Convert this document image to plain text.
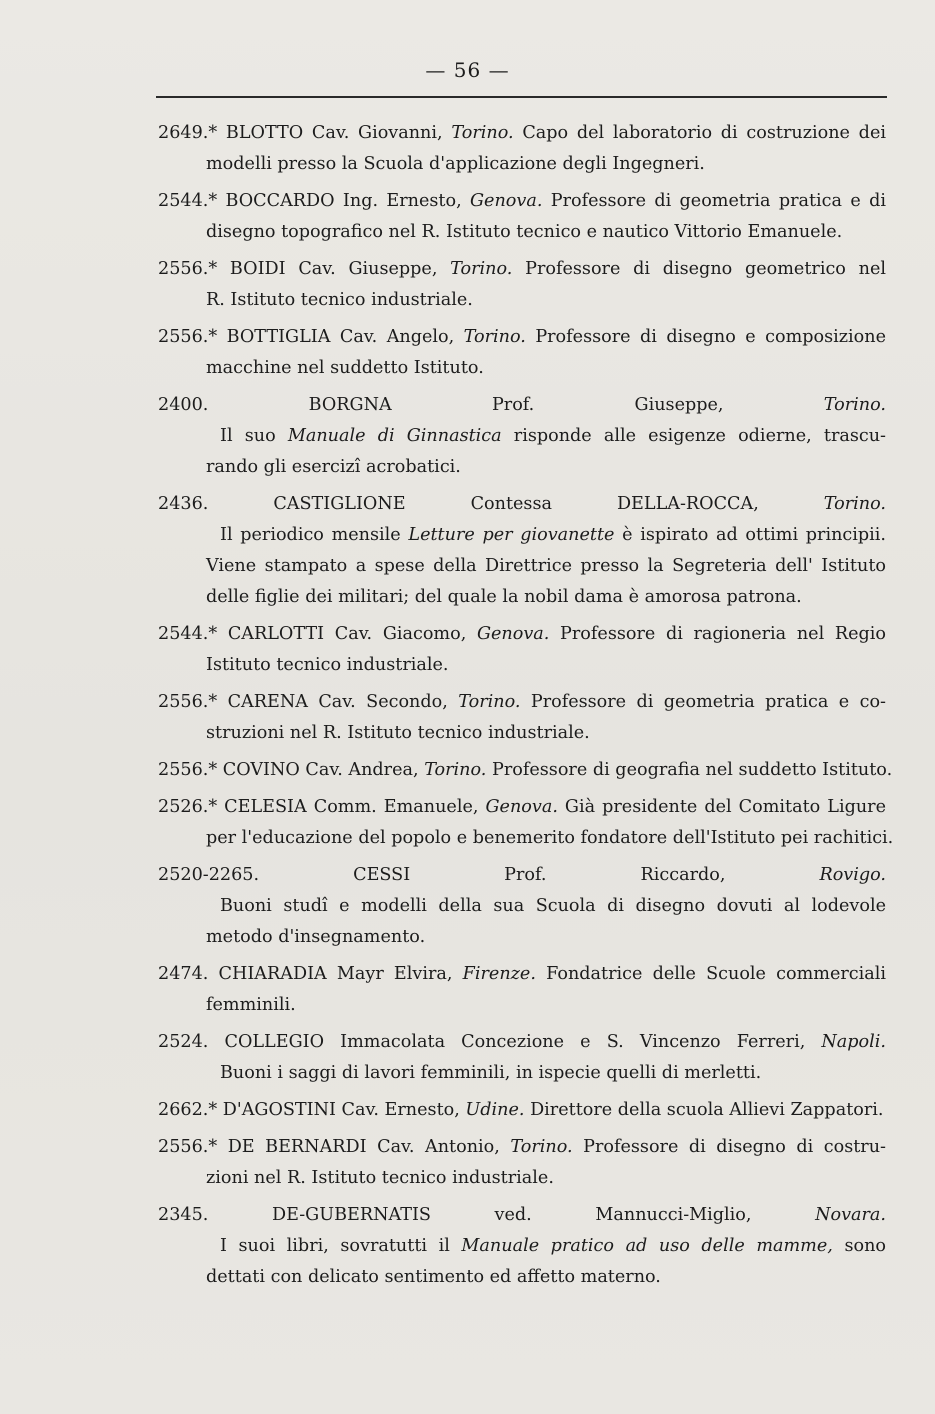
— 56 —
2649.* BLOTTO Cav. Giovanni, Torino. Capo del laboratorio di costruzione dei
modelli presso la Scuola d'applicazione degli Ingegneri.
2544.* BOCCARDO Ing. Ernesto, Genova. Professore di geometria pratica e di
disegno topografico nel R. Istituto tecnico e nautico Vittorio Emanuele.
2556.* BOIDI Cav. Giuseppe, Torino. Professore di disegno geometrico nel
R. Istituto tecnico industriale.
2556.* BOTTIGLIA Cav. Angelo, Torino. Professore di disegno e composizione
macchine nel suddetto Istituto.
2400. BORGNA Prof. Giuseppe, Torino.
Il suo Manuale di Ginnastica risponde alle esigenze odierne, trascu-
rando gli esercizî acrobatici.
2436. CASTIGLIONE Contessa DELLA-ROCCA, Torino.
Il periodico mensile Letture per giovanette è ispirato ad ottimi principii.
Viene stampato a spese della Direttrice presso la Segreteria dell' Istituto
delle figlie dei militari; del quale la nobil dama è amorosa patrona.
2544.* CARLOTTI Cav. Giacomo, Genova. Professore di ragioneria nel Regio
Istituto tecnico industriale.
2556.* CARENA Cav. Secondo, Torino. Professore di geometria pratica e co-
struzioni nel R. Istituto tecnico industriale.
2556.* COVINO Cav. Andrea, Torino. Professore di geografia nel suddetto Istituto.
2526.* CELESIA Comm. Emanuele, Genova. Già presidente del Comitato Ligure
per l'educazione del popolo e benemerito fondatore dell'Istituto pei rachitici.
2520-2265. CESSI Prof. Riccardo, Rovigo.
Buoni studî e modelli della sua Scuola di disegno dovuti al lodevole
metodo d'insegnamento.
2474. CHIARADIA Mayr Elvira, Firenze. Fondatrice delle Scuole commerciali
femminili.
2524. COLLEGIO Immacolata Concezione e S. Vincenzo Ferreri, Napoli.
Buoni i saggi di lavori femminili, in ispecie quelli di merletti.
2662.* D'AGOSTINI Cav. Ernesto, Udine. Direttore della scuola Allievi Zappatori.
2556.* DE BERNARDI Cav. Antonio, Torino. Professore di disegno di costru-
zioni nel R. Istituto tecnico industriale.
2345. DE-GUBERNATIS ved. Mannucci-Miglio, Novara.
I suoi libri, sovratutti il Manuale pratico ad uso delle mamme, sono
dettati con delicato sentimento ed affetto materno.
